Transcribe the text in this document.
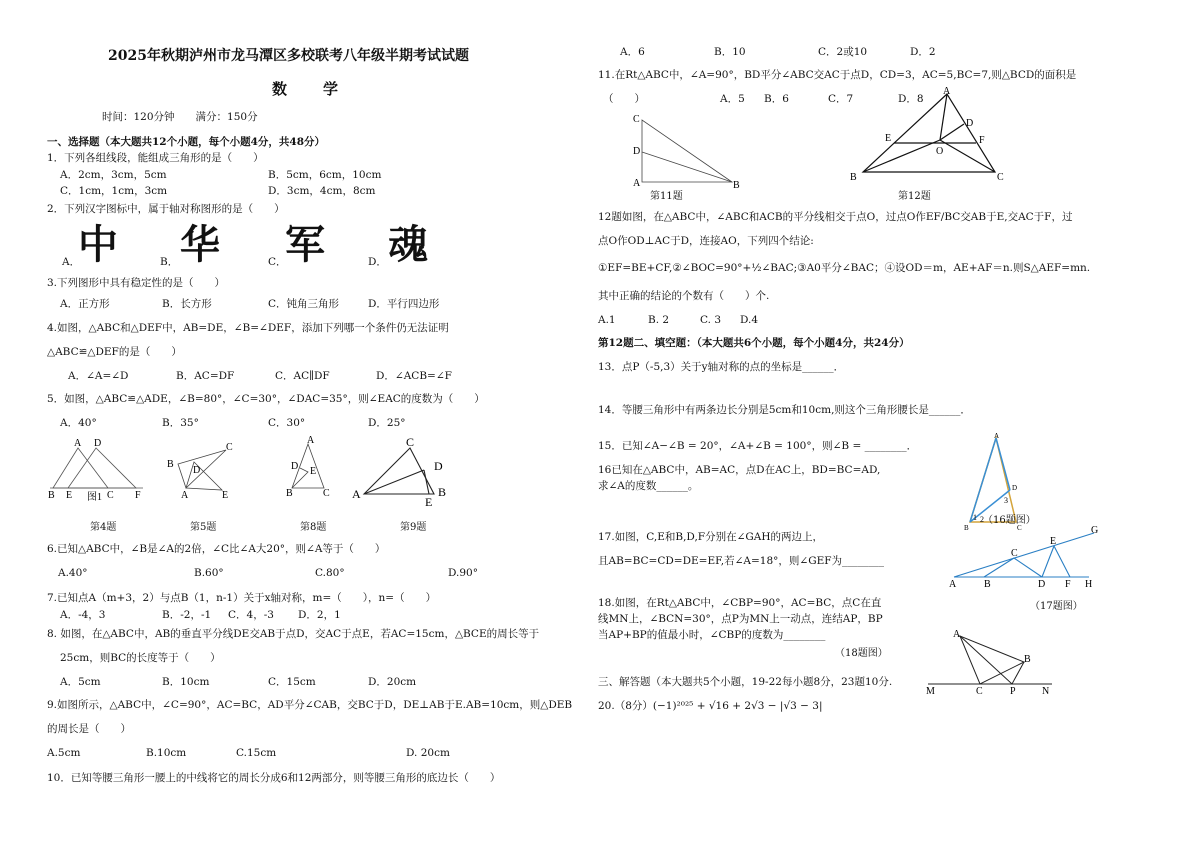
2025年秋期泸州市龙马潭区多校联考八年级半期考试试题
数　　学
时间：120分钟　　满分：150分
一、选择题（本大题共12个小题，每个小题4分，共48分）
1．下列各组线段，能组成三角形的是（　　）
A．2cm，3cm，5cm	B．5cm，6cm，10cm
C．1cm，1cm，3cm	D．3cm，4cm，8cm
2．下列汉字图标中，属于轴对称图形的是（　　）
A．
中	B． 华	C．
军	D． 魂
3.下列图形中具有稳定性的是（　　）
A．正方形	B．长方形	C．钝角三角形	D．平行四边形
4.如图，△ABC和△DEF中，AB=DE，∠B=∠DEF，添加下列哪一个条件仍无法证明
△ABC≌△DEF的是（　　）
A．∠A=∠D	B．AC=DF	C．AC∥DF	D．∠ACB=∠F
5．如图，△ABC≌△ADE，∠B=80°，∠C=30°，∠DAC=35°，则∠EAC的度数为（　　）
A．40°	B．35°	C．30°	D．25°
B E	C F
D
A
图1
C
B
D
A	E
A
D E
B	C
C
D
A
E
B
第4题	第5题	第8题	第9题
6.已知△ABC中，∠B是∠A的2倍，∠C比∠A大20°，则∠A等于（　　）
A.40°	B.60°	C.80°	D.90°
7.已知点A（m+3，2）与点B（1，n-1）关于x轴对称，m=（　　），n=（　　）
A．-4，3	B．-2，-1 C．4，-3 D．2，1
8. 如图，在△ABC中，AB的垂直平分线DE交AB于点D，交AC于点E，若AC=15cm，△BCE的周长等于
25cm，则BC的长度等于（　　）
A．5cm	B．10cm	C．15cm	D．20cm
9.如图所示，△ABC中，∠C=90°，AC=BC，AD平分∠CAB，交BC于D，DE⊥AB于E.AB=10cm，则△DEB
的周长是（　　）
A.5cm	B.10cm	C.15cm	D. 20cm
10．已知等腰三角形一腰上的中线将它的周长分成6和12两部分，则等腰三角形的底边长（　　）
A．6	B．10	C．2或10	D．2
11.在Rt△ABC中，∠A=90°，BD平分∠ABC交AC于点D，CD=3，AC=5,BC=7,则△BCD的面积是
（　　）	A．5 B．6	C．7	D．8
C
D
A	B
A
E
D
F
O
B	C
第11题	第12题
12题如图，在△ABC中，∠ABC和ACB的平分线相交于点O，过点O作EF/BC交AB于E,交AC于F，过
点O作OD⊥AC于D，连接AO，下列四个结论:
①EF=BE+CF,②∠BOC=90°+½∠BAC;③A0平分∠BAC；④设OD＝m，AE+AF＝n.则S△AEF=mn.
其中正确的结论的个数有（　　）个.
A.1	B. 2	C. 3 D.4
第12题二、填空题：（本大题共6个小题，每个小题4分，共24分）
13．点P（-5,3）关于y轴对称的点的坐标是______．
14．等腰三角形中有两条边长分别是5cm和10cm,则这个三角形腰长是______．
15．已知∠A−∠B = 20°，∠A+∠B = 100°，则∠B = ________．
16已知在△ABC中，AB=AC，点D在AC上，BD=BC=AD,
求∠A的度数______。
A
D
1 2
3
B	C
（16题图）
17.如图，C,E和B,D,F分别在∠GAH的两边上，
且AB=BC=CD=DE=EF,若∠A=18°，则∠GEF为________
G
E
C
A	B	D F H
（17题图）
18.如图，在Rt△ABC中，∠CBP=90°，AC=BC，点C在直
线MN上，∠BCN=30°，点P为MN上一动点，连结AP，BP
当AP+BP的值最小时，∠CBP的度数为________
（18题图）
三、解答题（本大题共5个小题，19-22每小题8分，23题10分.
A
B
M	C	P	N
20.（8分）(−1)²⁰²⁵ + √16 + 2√3 − |√3 − 3|
